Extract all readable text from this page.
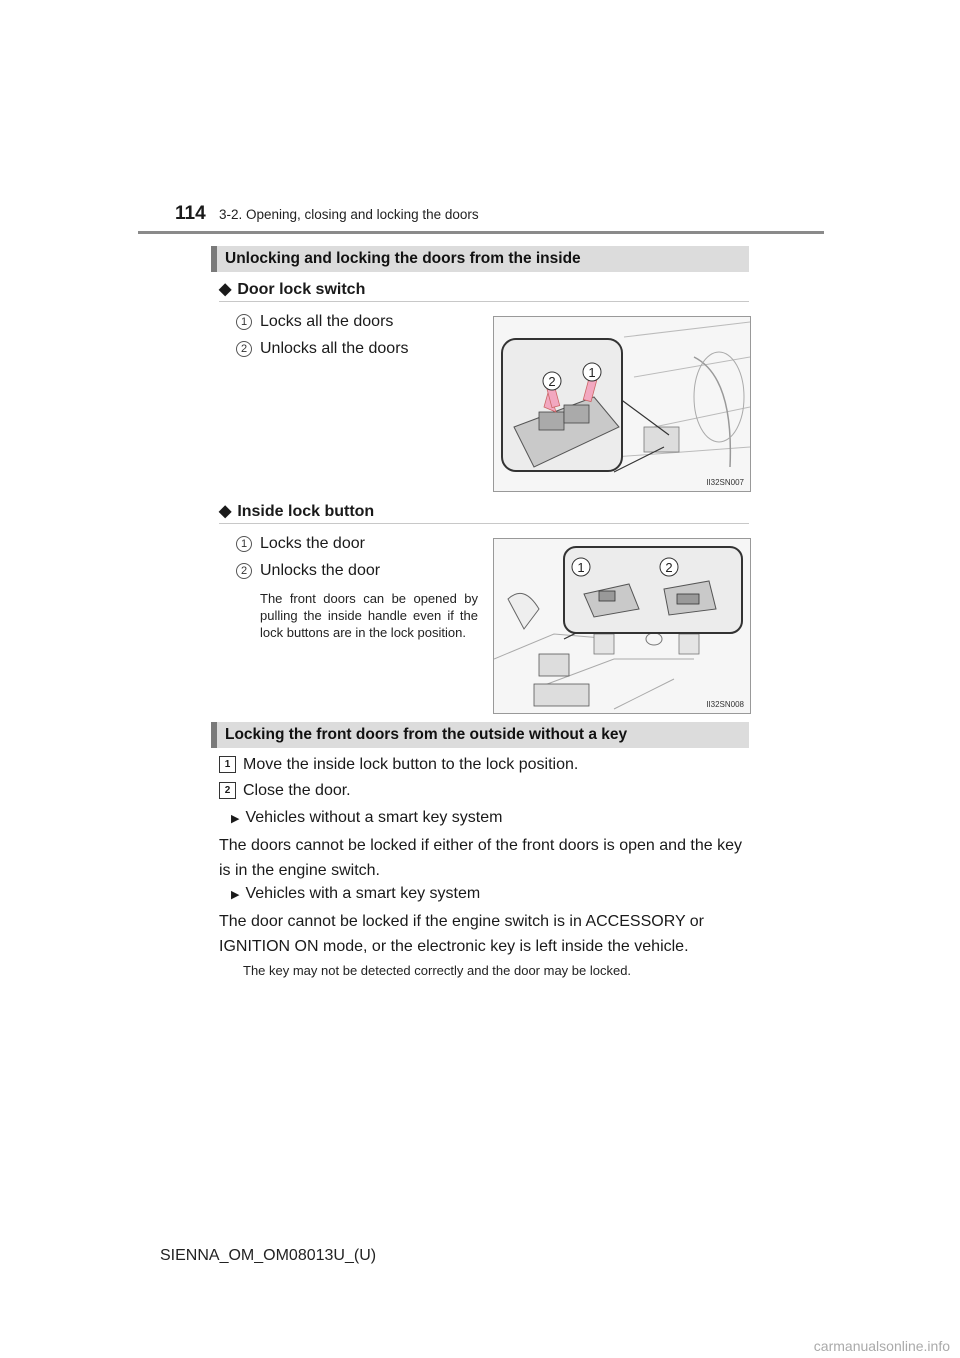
114 3-2. Opening, closing and locking the doors
Unlocking and locking the doors from the inside
◆ Door lock switch
1 Locks all the doors
2 Unlocks all the doors
2
1
II32SN007
◆ Inside lock button
1 Locks the door
2 Unlocks the door
The front doors can be opened by pulling the inside handle even if the lock buttons are in the lock position.
1	2
II32SN008
Locking the front doors from the outside without a key
1 Move the inside lock button to the lock position.
2 Close the door.
▶ Vehicles without a smart key system
The doors cannot be locked if either of the front doors is open and the key is in the engine switch.
▶ Vehicles with a smart key system
The door cannot be locked if the engine switch is in ACCESSORY or IGNITION ON mode, or the electronic key is left inside the vehicle.
The key may not be detected correctly and the door may be locked.
SIENNA_OM_OM08013U_(U)
carmanualsonline.info
